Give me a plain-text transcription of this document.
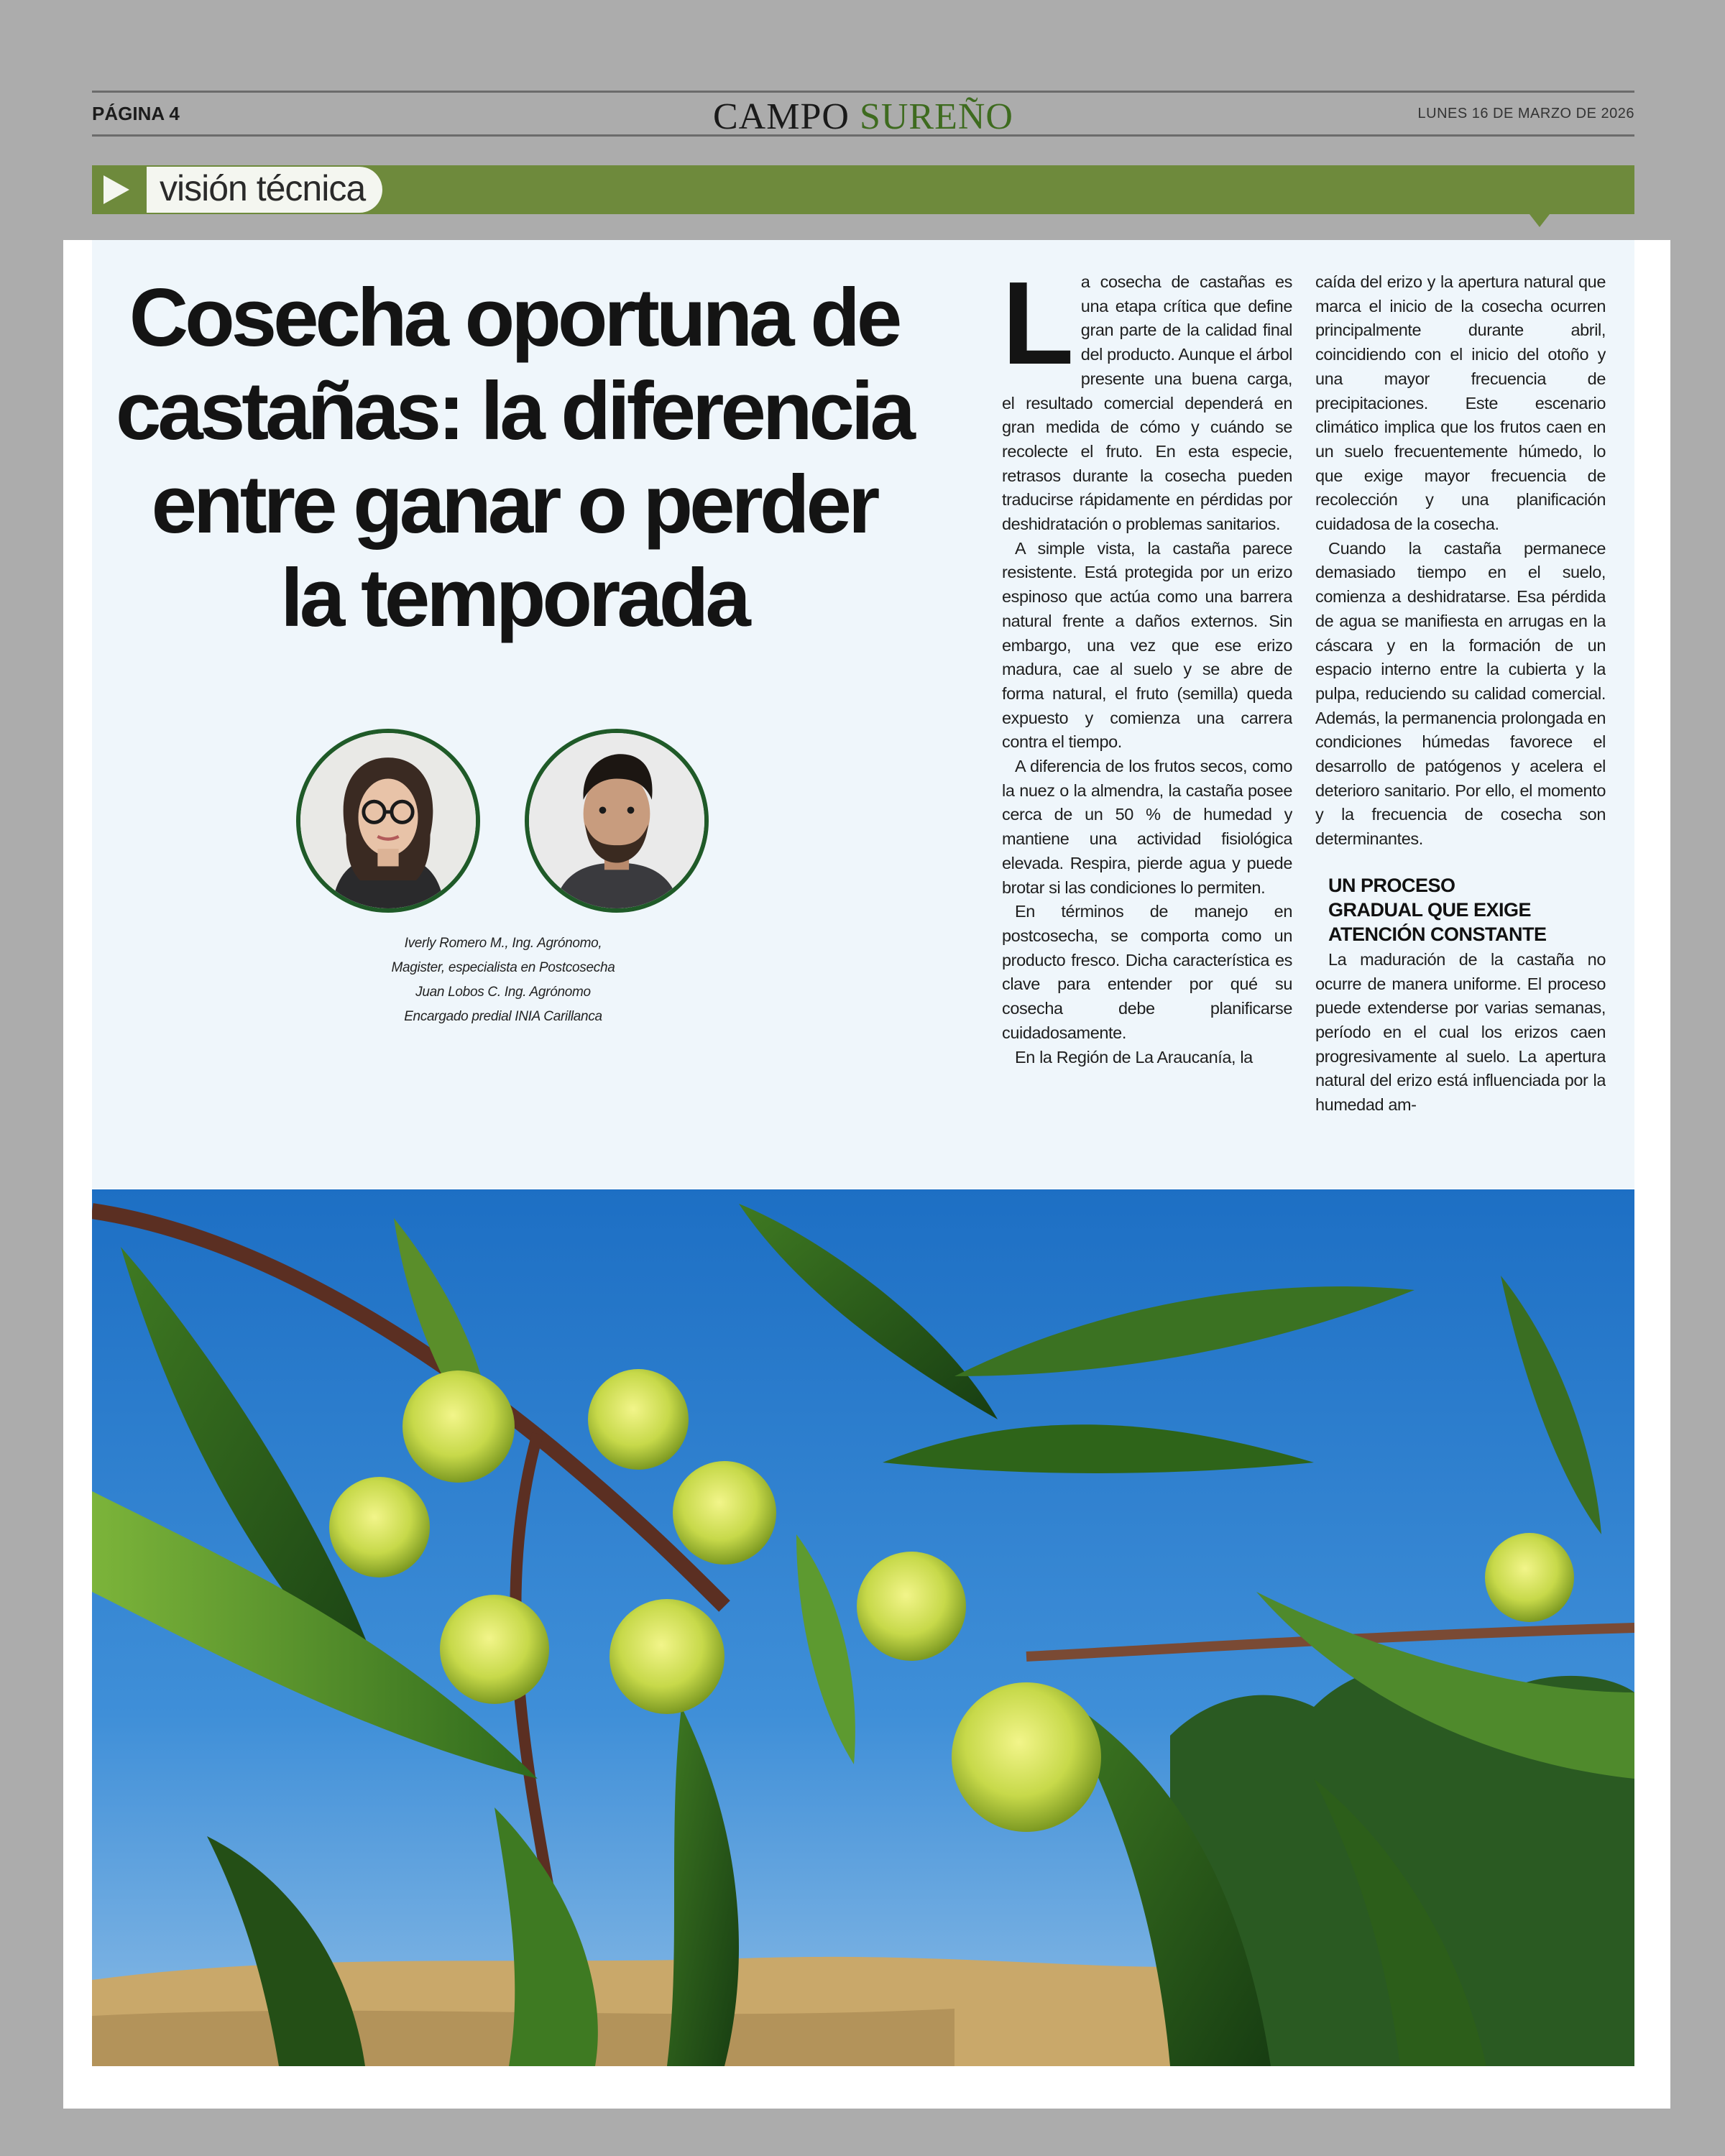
PÁGINA 4	CAMPO SUREÑO	LUNES 16 DE MARZO DE 2026
visión técnica
Cosecha oportuna de castañas: la diferencia entre ganar o perder la temporada
Iverly Romero M., Ing. Agrónomo,
Magister, especialista en Postcosecha
Juan Lobos C. Ing. Agrónomo
Encargado predial INIA Carillanca

La cosecha de castañas es una etapa crítica que define gran parte de la calidad final del producto. Aunque el árbol presente una buena carga, el resultado comercial dependerá en gran medida de cómo y cuándo se recolecte el fruto. En esta especie, retrasos durante la cosecha pueden traducirse rápidamente en pérdidas por deshidratación o problemas sanitarios.

A simple vista, la castaña parece resistente. Está protegida por un erizo espinoso que actúa como una barrera natural frente a daños externos. Sin embargo, una vez que ese erizo madura, cae al suelo y se abre de forma natural, el fruto (semilla) queda expuesto y comienza una carrera contra el tiempo.

A diferencia de los frutos secos, como la nuez o la almendra, la castaña posee cerca de un 50 % de humedad y mantiene una actividad fisiológica elevada. Respira, pierde agua y puede brotar si las condiciones lo permiten.

En términos de manejo en postcosecha, se comporta como un producto fresco. Dicha característica es clave para entender por qué su cosecha debe planificarse cuidadosamente.

En la Región de La Araucanía, la

caída del erizo y la apertura natural que marca el inicio de la cosecha ocurren principalmente durante abril, coincidiendo con el inicio del otoño y una mayor frecuencia de precipitaciones. Este escenario climático implica que los frutos caen en un suelo frecuentemente húmedo, lo que exige mayor frecuencia de recolección y una planificación cuidadosa de la cosecha.

Cuando la castaña permanece demasiado tiempo en el suelo, comienza a deshidratarse. Esa pérdida de agua se manifiesta en arrugas en la cáscara y en la formación de un espacio interno entre la cubierta y la pulpa, reduciendo su calidad comercial. Además, la permanencia prolongada en condiciones húmedas favorece el desarrollo de patógenos y acelera el deterioro sanitario. Por ello, el momento y la frecuencia de cosecha son determinantes.

UN PROCESO
GRADUAL QUE EXIGE
ATENCIÓN CONSTANTE

La maduración de la castaña no ocurre de manera uniforme. El proceso puede extenderse por varias semanas, período en el cual los erizos caen progresivamente al suelo. La apertura natural del erizo está influenciada por la humedad am-
